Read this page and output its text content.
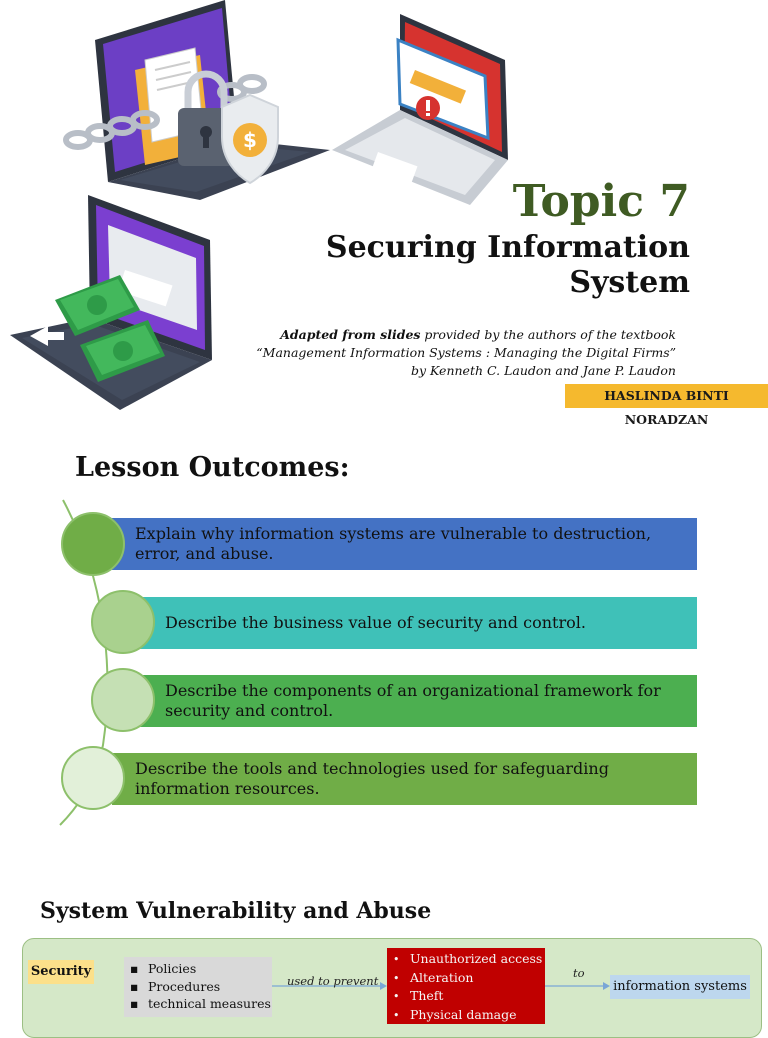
$
Topic 7
Securing Information System
Adapted from slides provided by the authors of the textbook
“Management Information Systems : Managing the Digital Firms”
by Kenneth C. Laudon and Jane P. Laudon
HASLINDA BINTI NORADZAN
Lesson Outcomes:
Explain why information systems are vulnerable to destruction,
error, and abuse.
Describe the business value of security and control.
Describe the components of an organizational framework for
security and control.
Describe the tools and technologies used for safeguarding
information resources.
System Vulnerability and Abuse
Security	▪ Policies
▪ Procedures
▪ technical measures
used to prevent
to
• Unauthorized access
• Alteration
• Theft
• Physical damage
information systems
